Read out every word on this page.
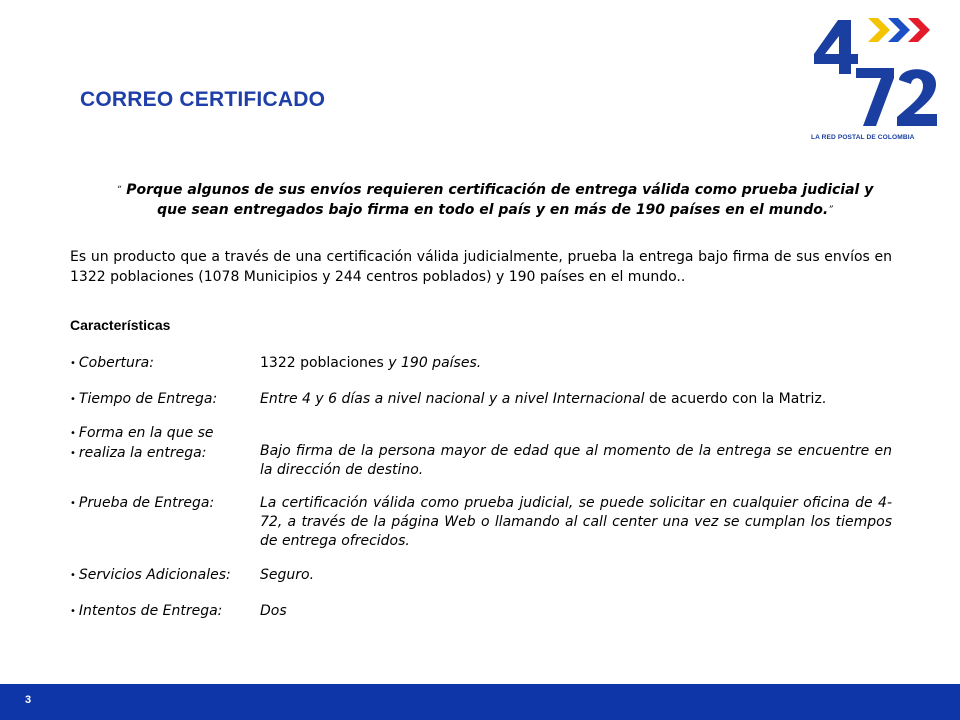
CORREO CERTIFICADO
LA RED POSTAL DE COLOMBIA
“ Porque algunos de sus envíos requieren certificación de entrega válida como prueba judicial y que sean entregados bajo firma en todo el país y en más de 190 países en el mundo.”
Es un producto que a través de una certificación válida judicialmente, prueba la entrega bajo firma de sus envíos en 1322 poblaciones (1078 Municipios y 244 centros poblados) y 190 países en el mundo..
Características
• Cobertura:	1322 poblaciones y 190 países.
• Tiempo de Entrega:	Entre 4 y 6 días a nivel nacional y a nivel Internacional de acuerdo con la Matriz.
• Forma en la que se
• realiza la entrega:	Bajo firma de la persona mayor de edad que al momento de la entrega se encuentre en la dirección de destino.
• Prueba de Entrega:	La certificación válida como prueba judicial, se puede solicitar en cualquier oficina de 4-72, a través de la página Web o llamando al call center una vez se cumplan los tiempos de entrega ofrecidos.
• Servicios Adicionales:	Seguro.
• Intentos de Entrega:	Dos
3
